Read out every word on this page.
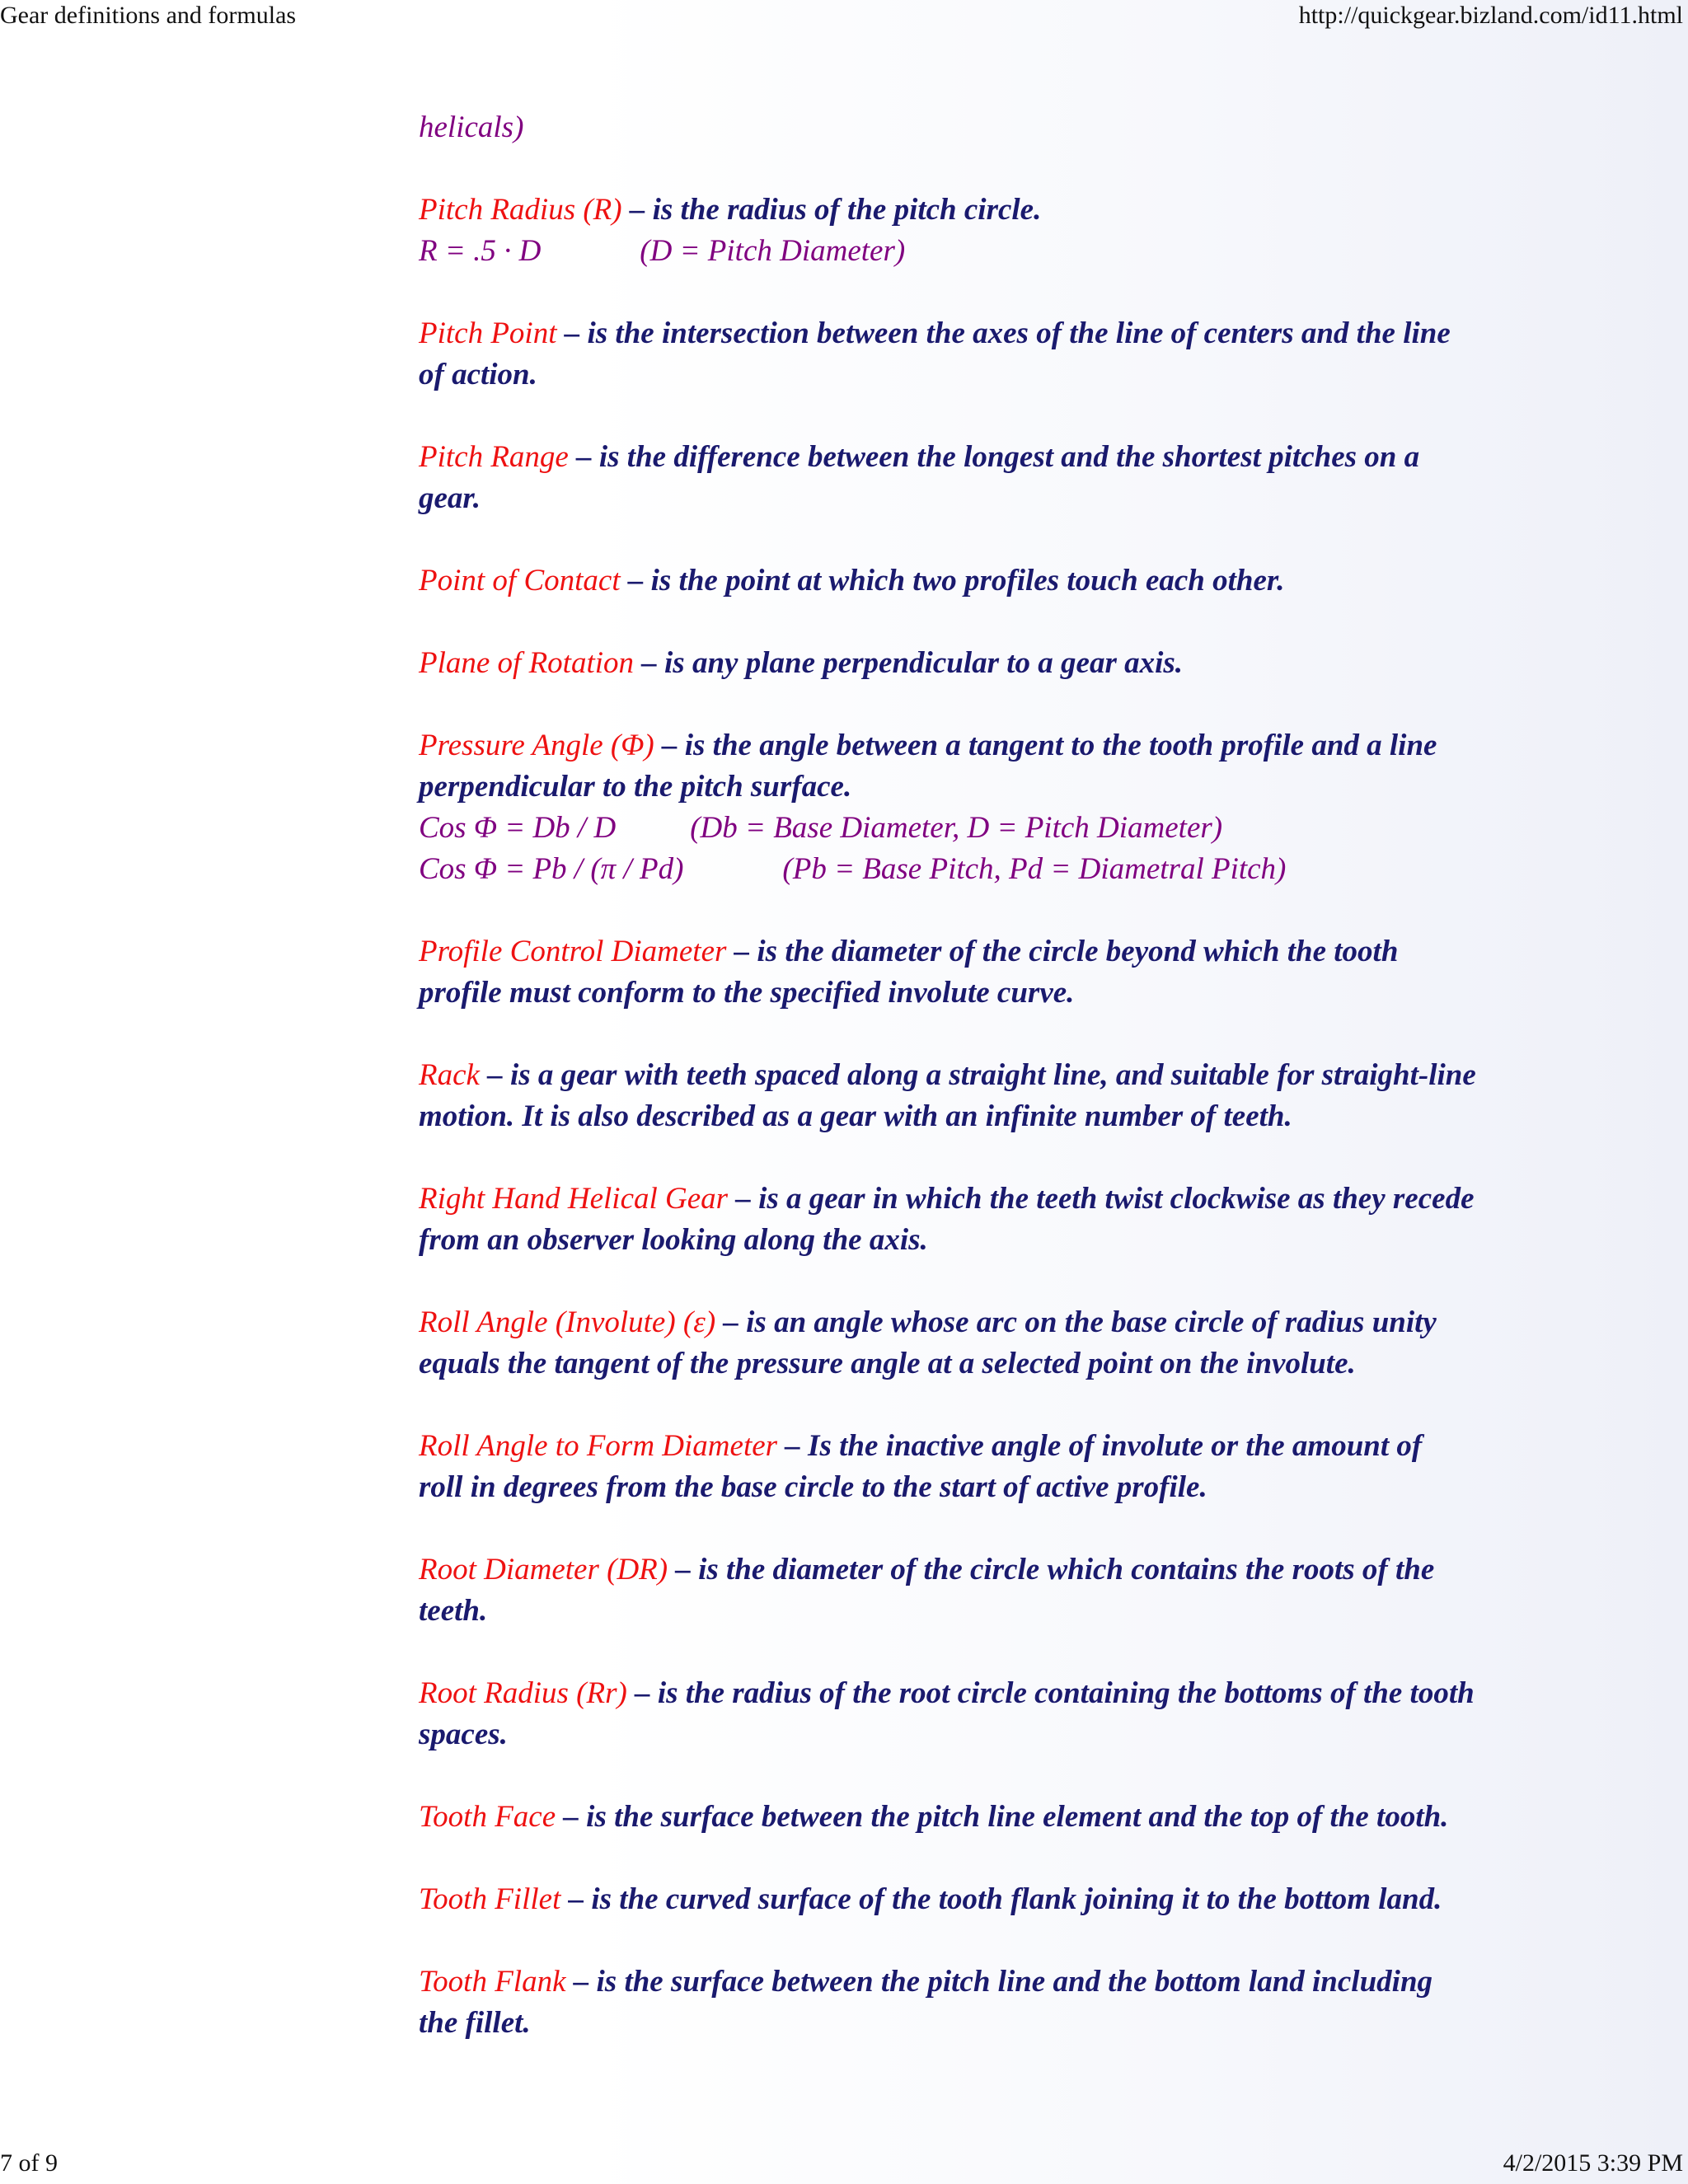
Gear definitions and formulas	http://quickgear.bizland.com/id11.html
helicals)
Pitch Radius (R) – is the radius of the pitch circle.
R = .5 · D	(D = Pitch Diameter)
Pitch Point – is the intersection between the axes of the line of centers and the line
of action.
Pitch Range – is the difference between the longest and the shortest pitches on a
gear.
Point of Contact – is the point at which two profiles touch each other.
Plane of Rotation – is any plane perpendicular to a gear axis.
Pressure Angle (Φ) – is the angle between a tangent to the tooth profile and a line
perpendicular to the pitch surface.
Cos Φ = Db / D (Db = Base Diameter, D = Pitch Diameter)
Cos Φ = Pb / (π / Pd)	(Pb = Base Pitch, Pd = Diametral Pitch)
Profile Control Diameter – is the diameter of the circle beyond which the tooth
profile must conform to the specified involute curve.
Rack – is a gear with teeth spaced along a straight line, and suitable for straight-line
motion. It is also described as a gear with an infinite number of teeth.
Right Hand Helical Gear – is a gear in which the teeth twist clockwise as they recede
from an observer looking along the axis.
Roll Angle (Involute) (ε) – is an angle whose arc on the base circle of radius unity
equals the tangent of the pressure angle at a selected point on the involute.
Roll Angle to Form Diameter – Is the inactive angle of involute or the amount of
roll in degrees from the base circle to the start of active profile.
Root Diameter (DR) – is the diameter of the circle which contains the roots of the
teeth.
Root Radius (Rr) – is the radius of the root circle containing the bottoms of the tooth
spaces.
Tooth Face – is the surface between the pitch line element and the top of the tooth.
Tooth Fillet – is the curved surface of the tooth flank joining it to the bottom land.
Tooth Flank – is the surface between the pitch line and the bottom land including
the fillet.
7 of 9	4/2/2015 3:39 PM
